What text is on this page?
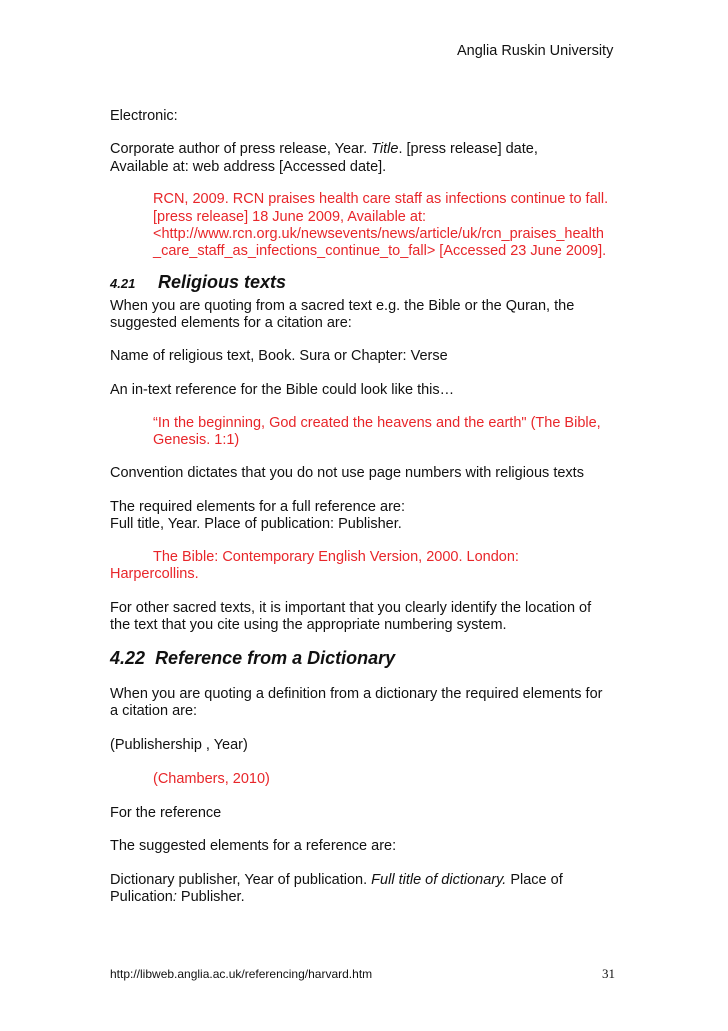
Anglia Ruskin University
Electronic:
Corporate author of press release, Year. Title. [press release] date,
Available at: web address [Accessed date].
RCN, 2009. RCN praises health care staff as infections continue to fall.
[press release] 18 June 2009, Available at:
<http://www.rcn.org.uk/newsevents/news/article/uk/rcn_praises_health
_care_staff_as_infections_continue_to_fall> [Accessed 23 June 2009].
4.21 Religious texts
When you are quoting from a sacred text e.g. the Bible or the Quran, the
suggested elements for a citation are:
Name of religious text, Book. Sura or Chapter: Verse
An in-text reference for the Bible could look like this…
“In the beginning, God created the heavens and the earth" (The Bible,
Genesis. 1:1)
Convention dictates that you do not use page numbers with religious texts
The required elements for a full reference are:
Full title, Year. Place of publication: Publisher.
The Bible: Contemporary English Version, 2000. London:
Harpercollins.
For other sacred texts, it is important that you clearly identify the location of
the text that you cite using the appropriate numbering system.
4.22 Reference from a Dictionary
When you are quoting a definition from a dictionary the required elements for
a citation are:
(Publishership , Year)
(Chambers, 2010)
For the reference
The suggested elements for a reference are:
Dictionary publisher, Year of publication. Full title of dictionary. Place of
Pulication: Publisher.
http://libweb.anglia.ac.uk/referencing/harvard.htm	31
